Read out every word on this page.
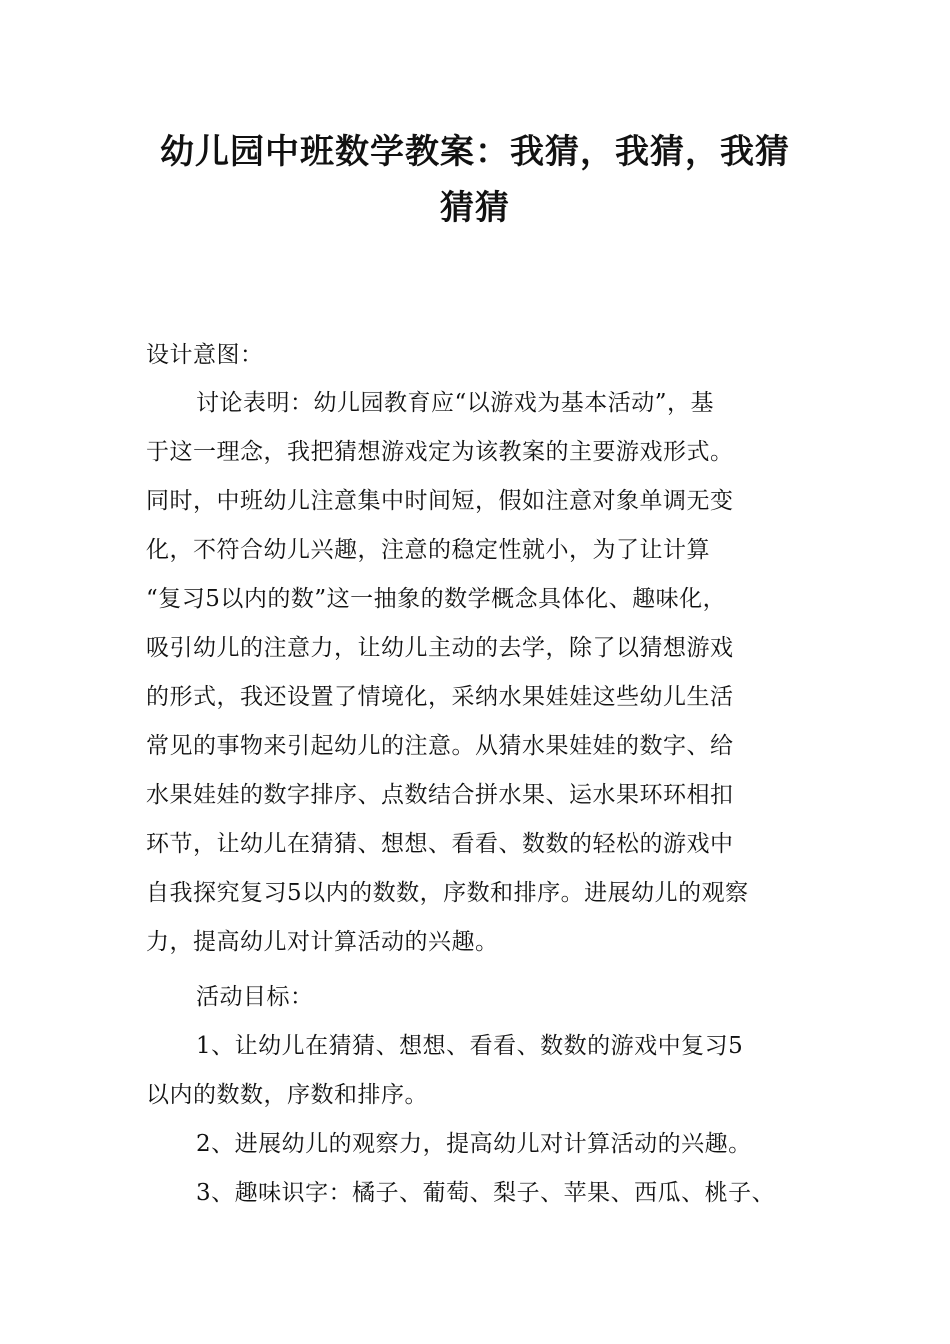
幼儿园中班数学教案：我猜，我猜，我猜
猜猜
设计意图：
讨论表明：幼儿园教育应“以游戏为基本活动”，基
于这一理念，我把猜想游戏定为该教案的主要游戏形式。
同时，中班幼儿注意集中时间短，假如注意对象单调无变
化，不符合幼儿兴趣，注意的稳定性就小，为了让计算
“复习5以内的数”这一抽象的数学概念具体化、趣味化，
吸引幼儿的注意力，让幼儿主动的去学，除了以猜想游戏
的形式，我还设置了情境化，采纳水果娃娃这些幼儿生活
常见的事物来引起幼儿的注意。从猜水果娃娃的数字、给
水果娃娃的数字排序、点数结合拼水果、运水果环环相扣
环节，让幼儿在猜猜、想想、看看、数数的轻松的游戏中
自我探究复习5以内的数数，序数和排序。进展幼儿的观察
力，提高幼儿对计算活动的兴趣。
活动目标：
1、让幼儿在猜猜、想想、看看、数数的游戏中复习5
以内的数数，序数和排序。
2、进展幼儿的观察力，提高幼儿对计算活动的兴趣。
3、趣味识字：橘子、葡萄、梨子、苹果、西瓜、桃子、
